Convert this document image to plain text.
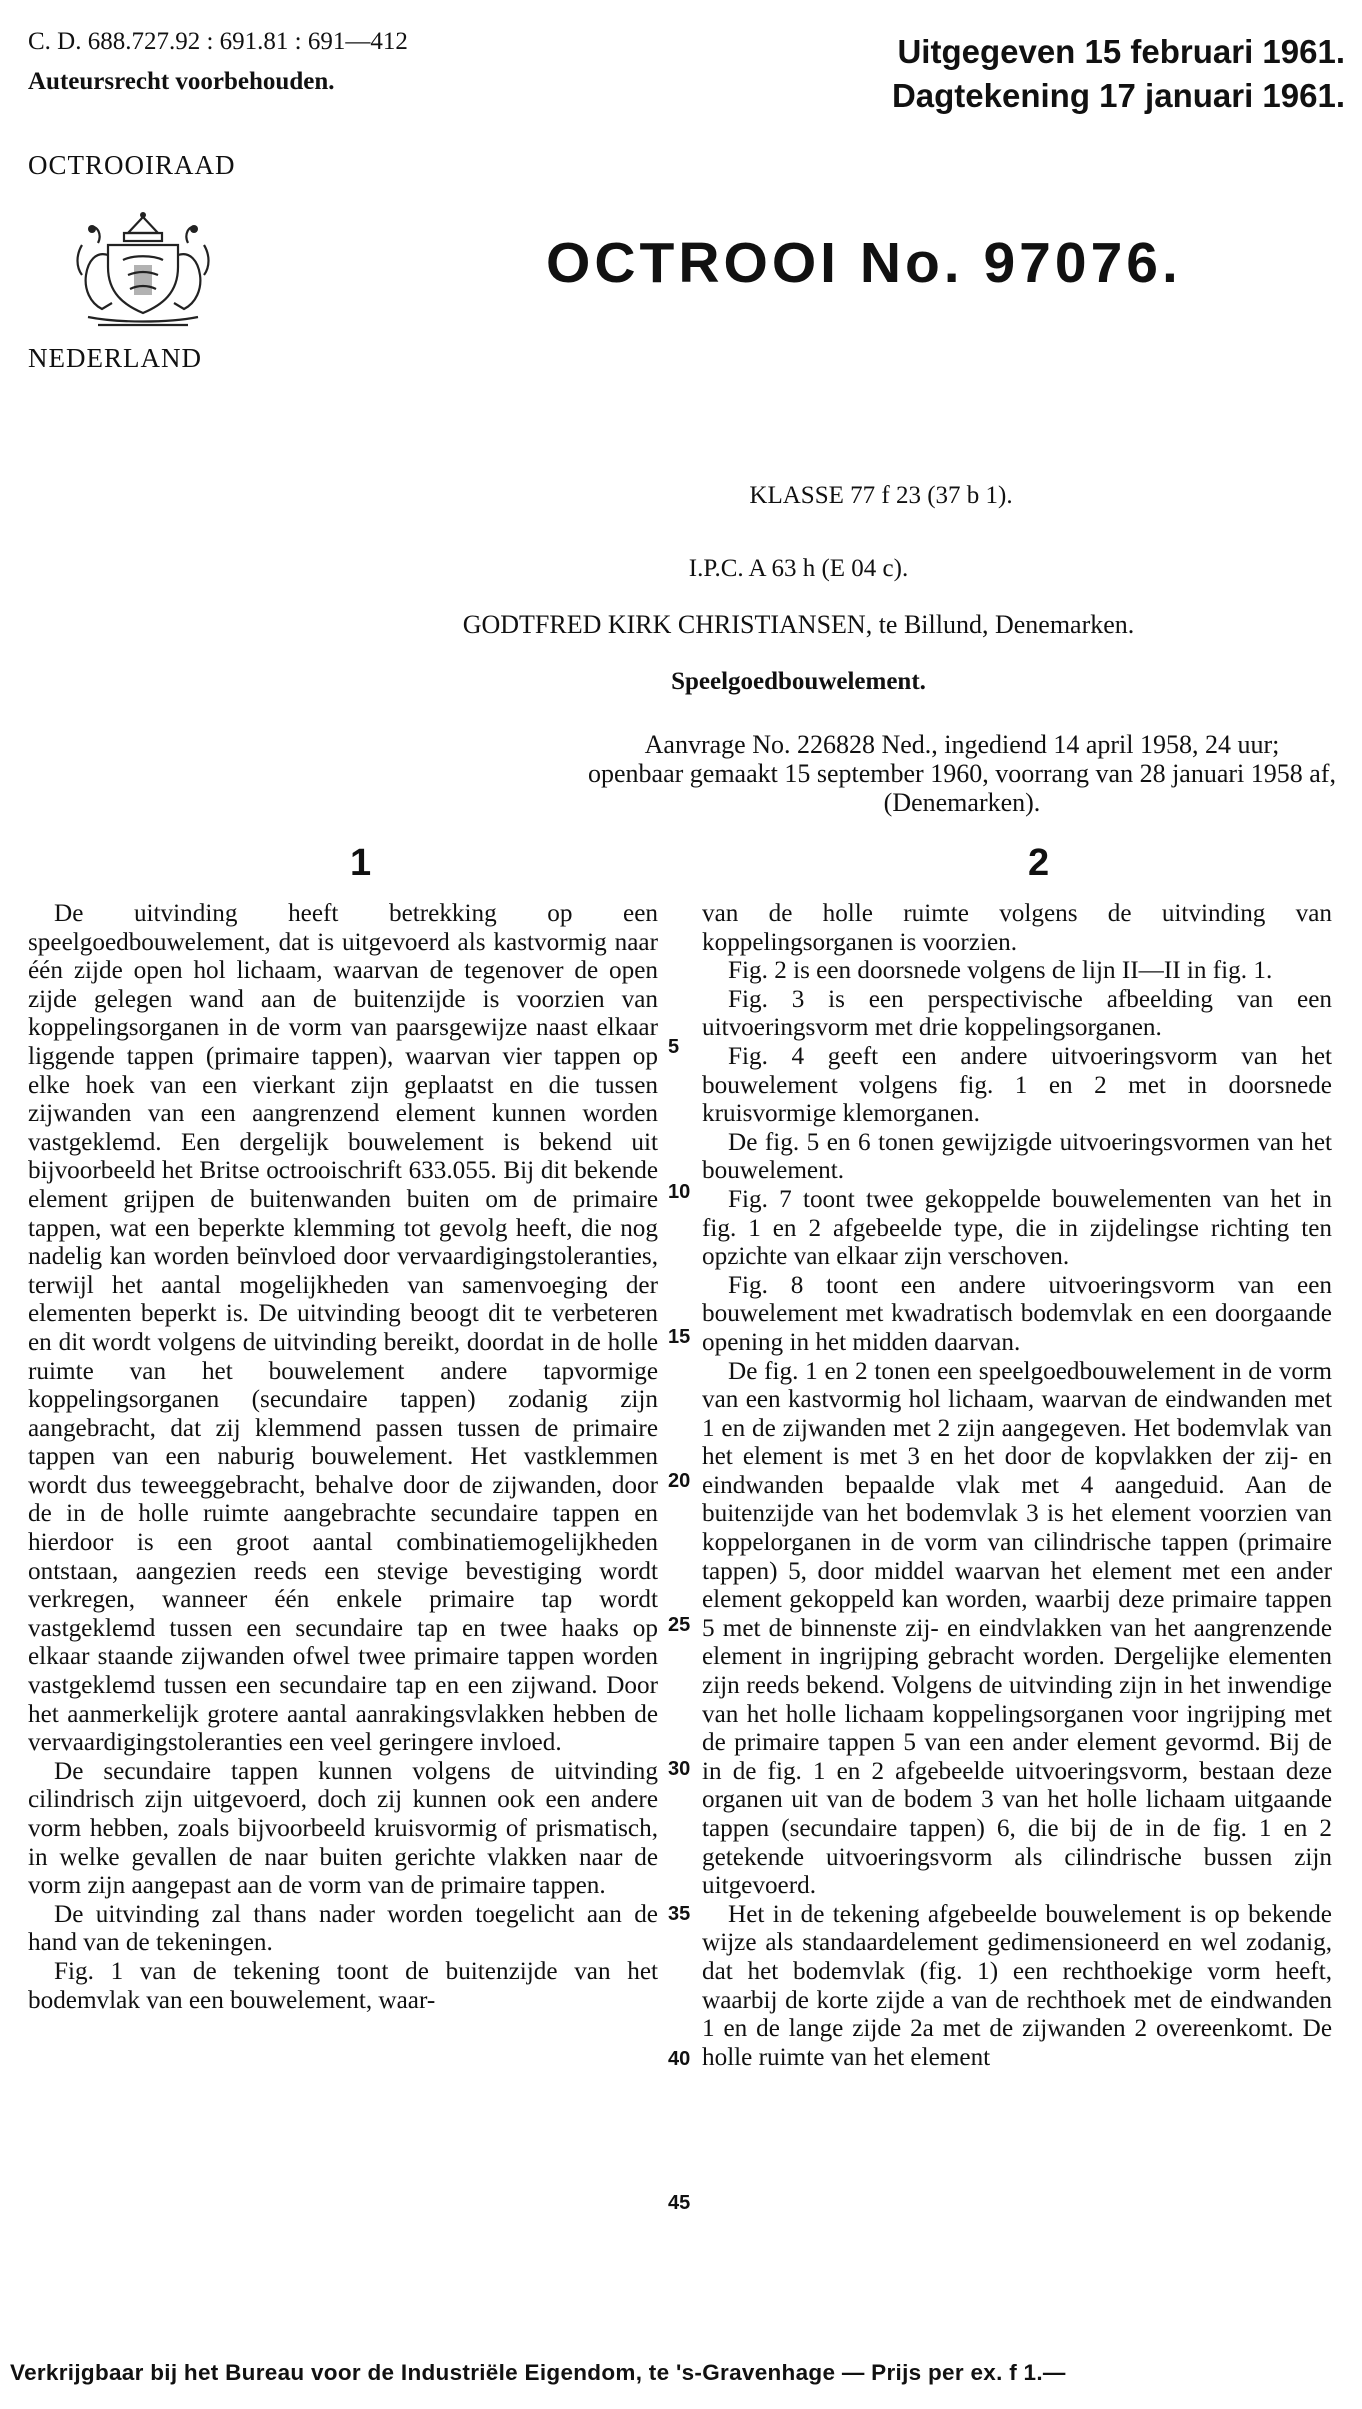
C. D. 688.727.92 : 691.81 : 691—412
Auteursrecht voorbehouden.
Uitgegeven 15 februari 1961.
Dagtekening 17 januari 1961.
OCTROOIRAAD
NEDERLAND
OCTROOI No. 97076.
KLASSE 77 f 23 (37 b 1).
I.P.C. A 63 h (E 04 c).
GODTFRED KIRK CHRISTIANSEN, te Billund, Denemarken.
Speelgoedbouwelement.
Aanvrage No. 226828 Ned., ingediend 14 april 1958, 24 uur;
openbaar gemaakt 15 september 1960, voorrang van 28 januari 1958 af,
(Denemarken).
1	2

De uitvinding heeft betrekking op een speelgoedbouwelement, dat is uitgevoerd als kastvormig naar één zijde open hol lichaam, waarvan de tegenover de open zijde gelegen wand aan de buitenzijde is voorzien van koppelingsorganen in de vorm van paarsgewijze naast elkaar liggende tappen (primaire tappen), waarvan vier tappen op elke hoek van een vierkant zijn geplaatst en die tussen zijwanden van een aangrenzend element kunnen worden vastgeklemd. Een dergelijk bouwelement is bekend uit bijvoorbeeld het Britse octrooischrift 633.055. Bij dit bekende element grijpen de buitenwanden buiten om de primaire tappen, wat een beperkte klemming tot gevolg heeft, die nog nadelig kan worden beïnvloed door vervaardigingstoleranties, terwijl het aantal mogelijkheden van samenvoeging der elementen beperkt is. De uitvinding beoogt dit te verbeteren en dit wordt volgens de uitvinding bereikt, doordat in de holle ruimte van het bouwelement andere tapvormige koppelingsorganen (secundaire tappen) zodanig zijn aangebracht, dat zij klemmend passen tussen de primaire tappen van een naburig bouwelement. Het vastklemmen wordt dus teweeggebracht, behalve door de zijwanden, door de in de holle ruimte aangebrachte secundaire tappen en hierdoor is een groot aantal combinatiemogelijkheden ontstaan, aangezien reeds een stevige bevestiging wordt verkregen, wanneer één enkele primaire tap wordt vastgeklemd tussen een secundaire tap en twee haaks op elkaar staande zijwanden ofwel twee primaire tappen worden vastgeklemd tussen een secundaire tap en een zijwand. Door het aanmerkelijk grotere aantal aanrakingsvlakken hebben de vervaardigingstoleranties een veel geringere invloed.

De secundaire tappen kunnen volgens de uitvinding cilindrisch zijn uitgevoerd, doch zij kunnen ook een andere vorm hebben, zoals bijvoorbeeld kruisvormig of prismatisch, in welke gevallen de naar buiten gerichte vlakken naar de vorm zijn aangepast aan de vorm van de primaire tappen.

De uitvinding zal thans nader worden toegelicht aan de hand van de tekeningen.

Fig. 1 van de tekening toont de buitenzijde van het bodemvlak van een bouwelement, waar-

van de holle ruimte volgens de uitvinding van koppelingsorganen is voorzien.

Fig. 2 is een doorsnede volgens de lijn II—II in fig. 1.

Fig. 3 is een perspectivische afbeelding van een uitvoeringsvorm met drie koppelingsorganen.

Fig. 4 geeft een andere uitvoeringsvorm van het bouwelement volgens fig. 1 en 2 met in doorsnede kruisvormige klemorganen.

De fig. 5 en 6 tonen gewijzigde uitvoeringsvormen van het bouwelement.

Fig. 7 toont twee gekoppelde bouwelementen van het in fig. 1 en 2 afgebeelde type, die in zijdelingse richting ten opzichte van elkaar zijn verschoven.

Fig. 8 toont een andere uitvoeringsvorm van een bouwelement met kwadratisch bodemvlak en een doorgaande opening in het midden daarvan.

De fig. 1 en 2 tonen een speelgoedbouwelement in de vorm van een kastvormig hol lichaam, waarvan de eindwanden met 1 en de zijwanden met 2 zijn aangegeven. Het bodemvlak van het element is met 3 en het door de kopvlakken der zij- en eindwanden bepaalde vlak met 4 aangeduid. Aan de buitenzijde van het bodemvlak 3 is het element voorzien van koppelorganen in de vorm van cilindrische tappen (primaire tappen) 5, door middel waarvan het element met een ander element gekoppeld kan worden, waarbij deze primaire tappen 5 met de binnenste zij- en eindvlakken van het aangrenzende element in ingrijping gebracht worden. Dergelijke elementen zijn reeds bekend. Volgens de uitvinding zijn in het inwendige van het holle lichaam koppelingsorganen voor ingrijping met de primaire tappen 5 van een ander element gevormd. Bij de in de fig. 1 en 2 afgebeelde uitvoeringsvorm, bestaan deze organen uit van de bodem 3 van het holle lichaam uitgaande tappen (secundaire tappen) 6, die bij de in de fig. 1 en 2 getekende uitvoeringsvorm als cilindrische bussen zijn uitgevoerd.

Het in de tekening afgebeelde bouwelement is op bekende wijze als standaardelement gedimensioneerd en wel zodanig, dat het bodemvlak (fig. 1) een rechthoekige vorm heeft, waarbij de korte zijde a van de rechthoek met de eindwanden 1 en de lange zijde 2a met de zijwanden 2 overeenkomt. De holle ruimte van het element

5
10
15
20
25
30
35
40
45
Verkrijgbaar bij het Bureau voor de Industriële Eigendom, te 's-Gravenhage — Prijs per ex. f 1.—
